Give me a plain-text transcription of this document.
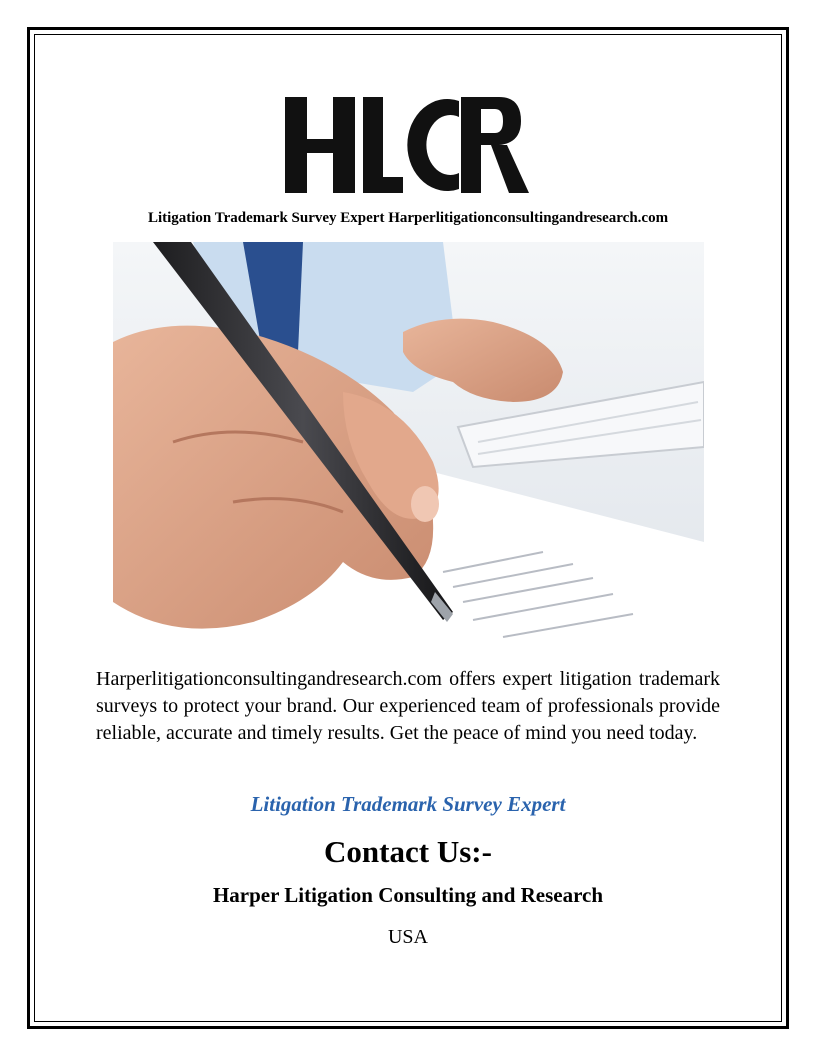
HLCR
Litigation Trademark Survey Expert Harperlitigationconsultingandresearch.com
Harperlitigationconsultingandresearch.com offers expert litigation trademark surveys to protect your brand. Our experienced team of professionals provide reliable, accurate and timely results. Get the peace of mind you need today.
Litigation Trademark Survey Expert
Contact Us:-
Harper Litigation Consulting and Research
USA
